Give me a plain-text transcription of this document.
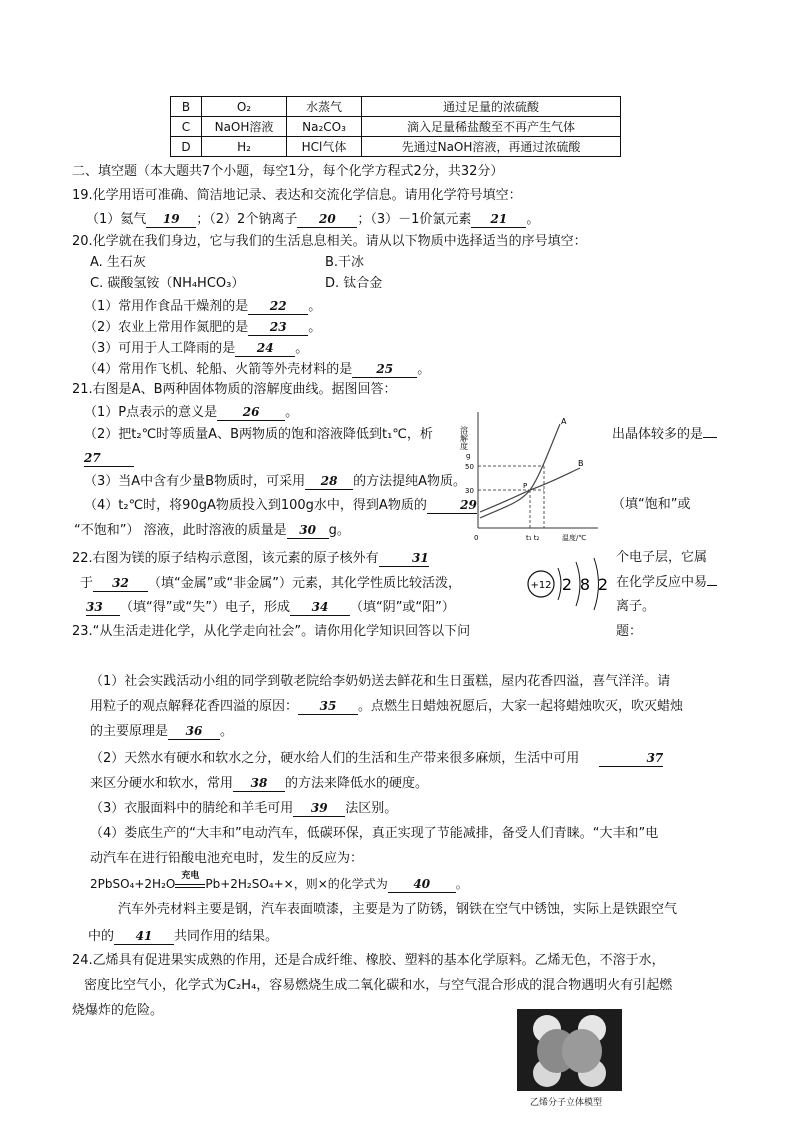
B	O₂	水蒸气	通过足量的浓硫酸
C	NaOH溶液	Na₂CO₃	滴入足量稀盐酸至不再产生气体
D	H₂	HCl气体	先通过NaOH溶液，再通过浓硫酸
二、填空题（本大题共7个小题，每空1分，每个化学方程式2分，共32分）
19.化学用语可准确、简洁地记录、表达和交流化学信息。请用化学符号填空：
（1）氦气 19 ；（2）2个钠离子 20 ；（3）－1价氯元素 21 。
20.化学就在我们身边，它与我们的生活息息相关。请从以下物质中选择适当的序号填空：
A. 生石灰	B.干冰
C. 碳酸氢铵（NH₄HCO₃）	D. 钛合金
（1）常用作食品干燥剂的是 22 。
（2）农业上常用作氮肥的是 23 。
（3）可用于人工降雨的是 24 。
（4）常用作飞机、轮船、火箭等外壳材料的是 25 。
21.右图是A、B两种固体物质的溶解度曲线。据图回答：
（1）P点表示的意义是 26 。
（2）把t₂℃时等质量A、B两物质的饱和溶液降低到t₁℃，析	出晶体较多的是
27
（3）当A中含有少量B物质时，可采用 28 的方法提纯A物质。
（4）t₂℃时，将90gA物质投入到100g水中，得到A物质的	29	（填“饱和”或
“不饱和”） 溶液，此时溶液的质量是 30 g。
溶解度
g
50
30
0
A
B
P
t₁ t₂	温度/℃
22.右图为镁的原子结构示意图，该元素的原子核外有	31	个电子层，它属
于 32 （填“金属”或“非金属”）元素，其化学性质比较活泼，	在化学反应中易
33 （填“得”或“失”）电子，形成 34 （填“阴”或“阳”）	离子。
+12 2 8 2
23.“从生活走进化学，从化学走向社会”。请你用化学知识回答以下问	题：
（1）社会实践活动小组的同学到敬老院给李奶奶送去鲜花和生日蛋糕，屋内花香四溢，喜气洋洋。请
用粒子的观点解释花香四溢的原因： 35 。点燃生日蜡烛祝愿后，大家一起将蜡烛吹灭，吹灭蜡烛
的主要原理是 36 。
（2）天然水有硬水和软水之分，硬水给人们的生活和生产带来很多麻烦，生活中可用	37
来区分硬水和软水，常用 38 的方法来降低水的硬度。
（3）衣服面料中的腈纶和羊毛可用 39 法区别。
（4）娄底生产的“大丰和”电动汽车，低碳环保，真正实现了节能减排，备受人们青睐。“大丰和”电
动汽车在进行铅酸电池充电时，发生的反应为：
2PbSO₄+2H₂O
充电
Pb+2H₂SO₄+×，则×的化学式为 40 。
汽车外壳材料主要是钢，汽车表面喷漆，主要是为了防锈，钢铁在空气中锈蚀，实际上是铁跟空气
中的 41 共同作用的结果。
24.乙烯具有促进果实成熟的作用，还是合成纤维、橡胶、塑料的基本化学原料。乙烯无色，不溶于水，
密度比空气小，化学式为C₂H₄，容易燃烧生成二氧化碳和水，与空气混合形成的混合物遇明火有引起燃
烧爆炸的危险。
乙烯分子立体模型
